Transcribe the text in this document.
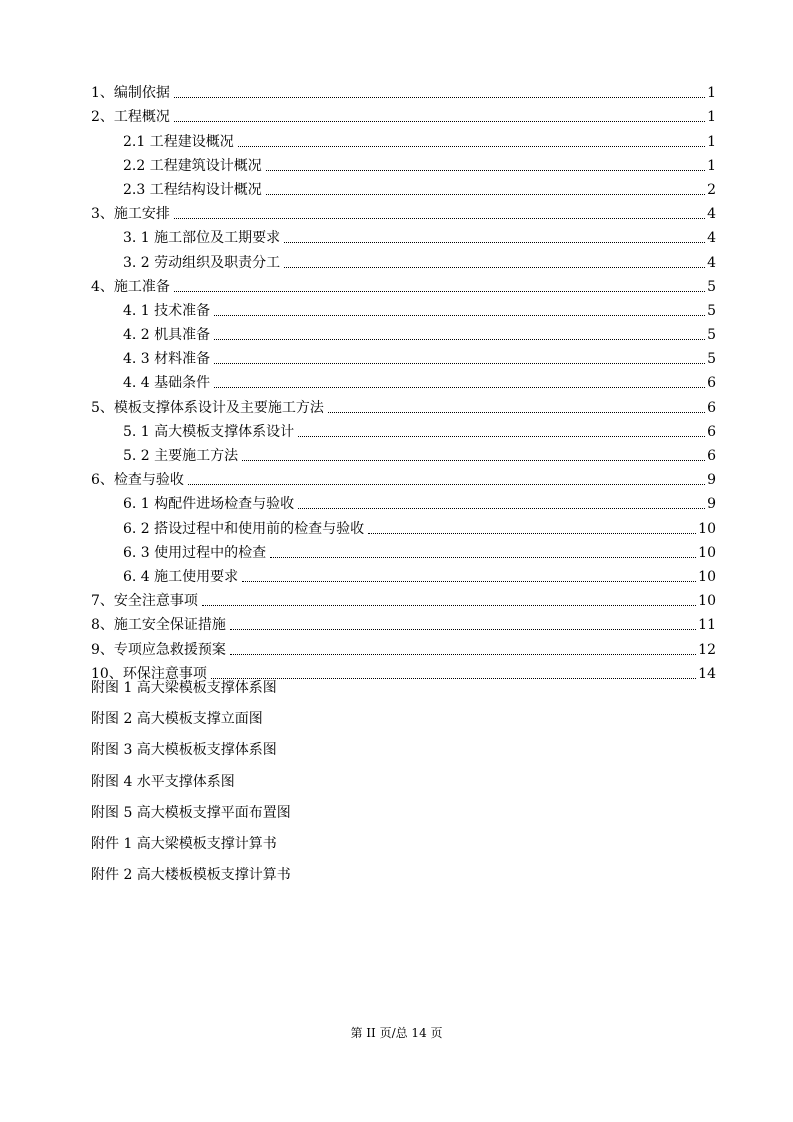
1、编制依据	1
2、工程概况	1
2.1 工程建设概况	1
2.2 工程建筑设计概况	1
2.3 工程结构设计概况	2
3、施工安排	4
3. 1 施工部位及工期要求	4
3. 2 劳动组织及职责分工	4
4、施工准备	5
4. 1 技术准备	5
4. 2 机具准备	5
4. 3 材料准备	5
4. 4 基础条件	6
5、模板支撑体系设计及主要施工方法	6
5. 1 高大模板支撑体系设计	6
5. 2 主要施工方法	6
6、检查与验收	9
6. 1 构配件进场检查与验收	9
6. 2 搭设过程中和使用前的检查与验收	10
6. 3 使用过程中的检查	10
6. 4 施工使用要求	10
7、安全注意事项	10
8、施工安全保证措施	11
9、专项应急救援预案	12
10、环保注意事项	14
附图 1 高大梁模板支撑体系图
附图 2 高大模板支撑立面图
附图 3 高大模板板支撑体系图
附图 4 水平支撑体系图
附图 5 高大模板支撑平面布置图
附件 1 高大梁模板支撑计算书
附件 2 高大楼板模板支撑计算书
第 II 页/总 14 页
